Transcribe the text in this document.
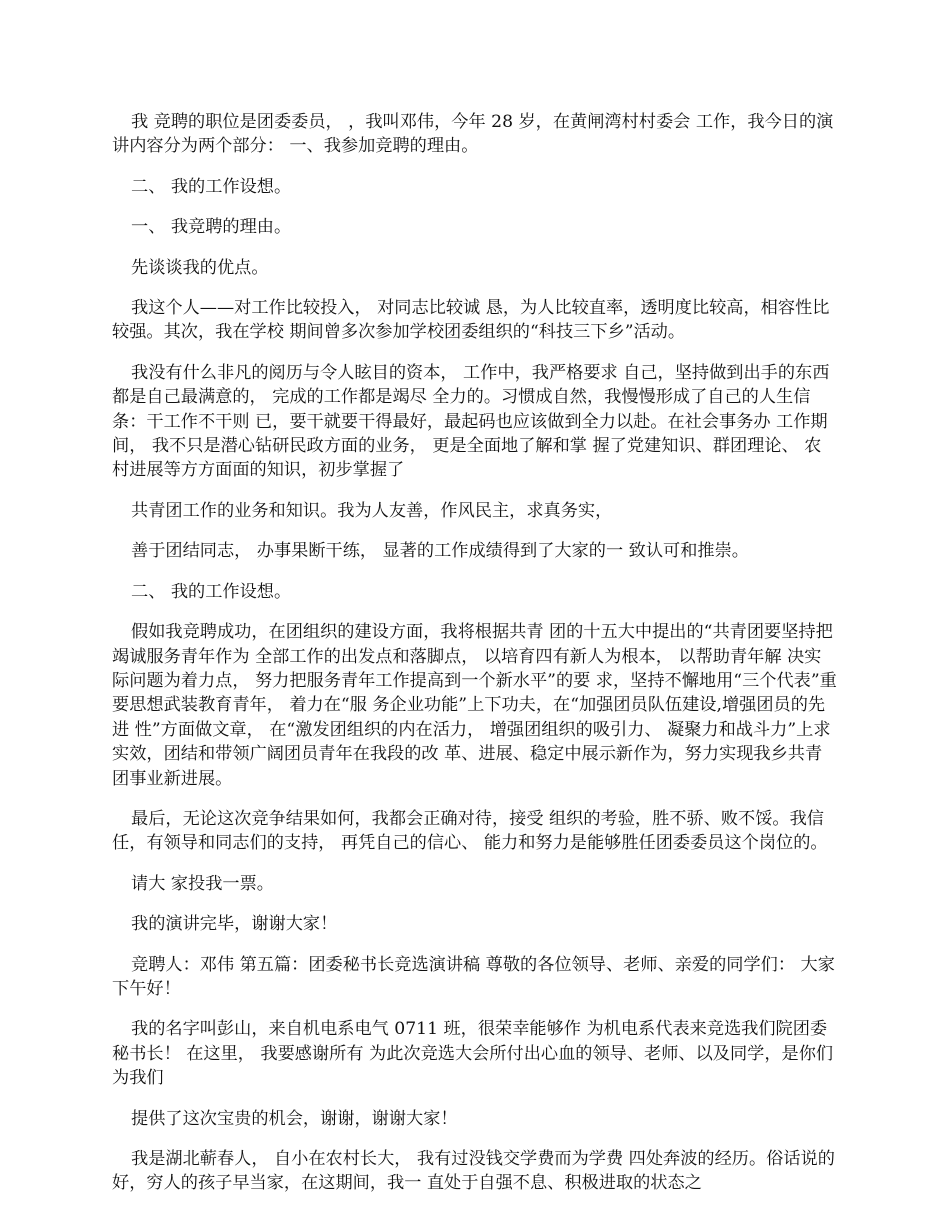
我 竞聘的职位是团委委员， ，我叫邓伟，今年 28 岁，在黄闸湾村村委会 工作，我今日的演讲内容分为两个部分： 一、我参加竞聘的理由。

二、 我的工作设想。

一、 我竞聘的理由。

先谈谈我的优点。

我这个人——对工作比较投入， 对同志比较诚 恳，为人比较直率，透明度比较高，相容性比较强。其次，我在学校 期间曾多次参加学校团委组织的“科技三下乡”活动。

我没有什么非凡的阅历与令人眩目的资本， 工作中，我严格要求 自己，坚持做到出手的东西都是自己最满意的， 完成的工作都是竭尽 全力的。习惯成自然，我慢慢形成了自己的人生信条：干工作不干则 已，要干就要干得最好，最起码也应该做到全力以赴。在社会事务办 工作期间， 我不只是潜心钻研民政方面的业务， 更是全面地了解和掌 握了党建知识、群团理论、 农村进展等方方面面的知识，初步掌握了

共青团工作的业务和知识。我为人友善，作风民主，求真务实，

善于团结同志， 办事果断干练， 显著的工作成绩得到了大家的一 致认可和推崇。

二、 我的工作设想。

假如我竞聘成功，在团组织的建设方面，我将根据共青 团的十五大中提出的“共青团要坚持把竭诚服务青年作为 全部工作的出发点和落脚点， 以培育四有新人为根本， 以帮助青年解 决实际问题为着力点， 努力把服务青年工作提高到一个新水平”的要 求，坚持不懈地用“三个代表”重要思想武装教育青年， 着力在“服 务企业功能”上下功夫，在“加强团员队伍建设,增强团员的先进 性”方面做文章， 在“激发团组织的内在活力， 增强团组织的吸引力、 凝聚力和战斗力”上求实效，团结和带领广阔团员青年在我段的改 革、进展、稳定中展示新作为，努力实现我乡共青团事业新进展。

最后，无论这次竞争结果如何，我都会正确对待，接受 组织的考验，胜不骄、败不馁。我信任，有领导和同志们的支持， 再凭自己的信心、 能力和努力是能够胜任团委委员这个岗位的。

请大 家投我一票。

我的演讲完毕，谢谢大家！

竞聘人：邓伟 第五篇：团委秘书长竞选演讲稿 尊敬的各位领导、老师、亲爱的同学们： 大家下午好！

我的名字叫彭山，来自机电系电气 0711 班，很荣幸能够作 为机电系代表来竞选我们院团委秘书长！ 在这里， 我要感谢所有 为此次竞选大会所付出心血的领导、老师、以及同学，是你们为我们

提供了这次宝贵的机会，谢谢，谢谢大家！

我是湖北蕲春人， 自小在农村长大， 我有过没钱交学费而为学费 四处奔波的经历。俗话说的好，穷人的孩子早当家，在这期间，我一 直处于自强不息、积极进取的状态之
